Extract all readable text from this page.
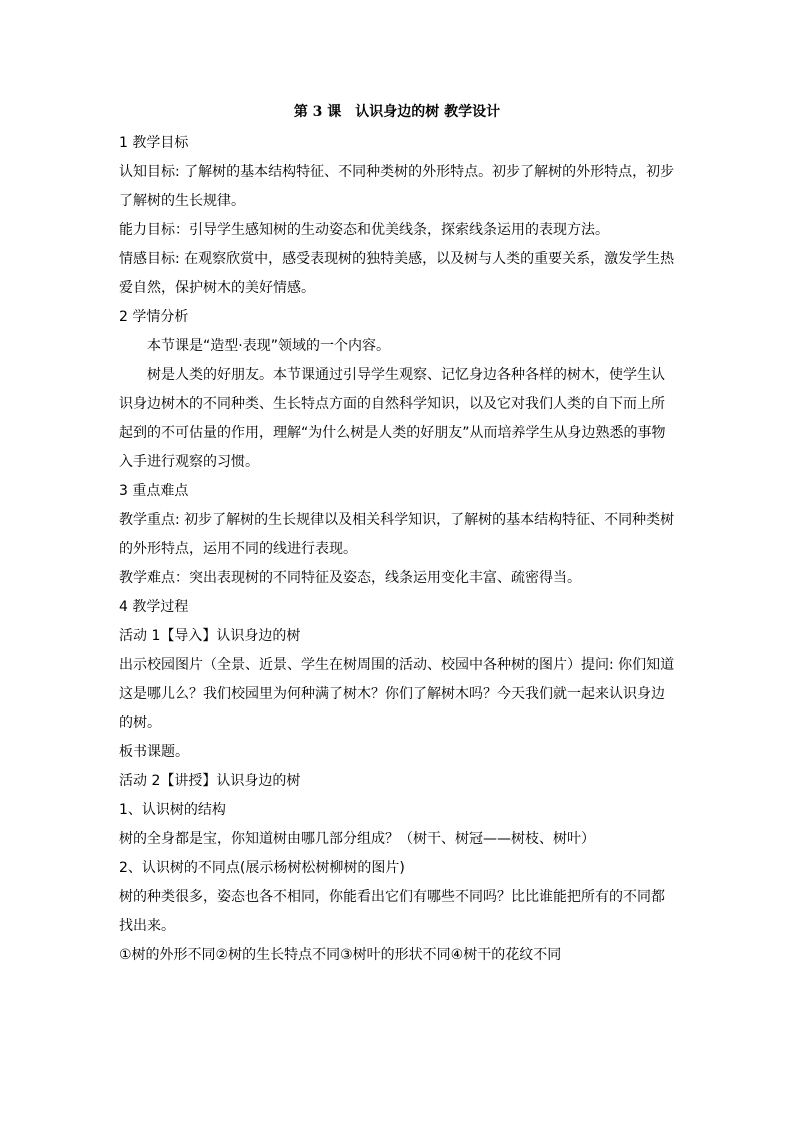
第 3 课　认识身边的树 教学设计

1 教学目标

认知目标: 了解树的基本结构特征、不同种类树的外形特点。初步了解树的外形特点，初步了解树的生长规律。

能力目标：引导学生感知树的生动姿态和优美线条，探索线条运用的表现方法。

情感目标: 在观察欣赏中，感受表现树的独特美感，以及树与人类的重要关系，激发学生热爱自然，保护树木的美好情感。

2 学情分析

本节课是“造型·表现”领域的一个内容。

树是人类的好朋友。本节课通过引导学生观察、记忆身边各种各样的树木，使学生认识身边树木的不同种类、生长特点方面的自然科学知识，以及它对我们人类的自下而上所起到的不可估量的作用，理解“为什么树是人类的好朋友”从而培养学生从身边熟悉的事物入手进行观察的习惯。

3 重点难点

教学重点: 初步了解树的生长规律以及相关科学知识，了解树的基本结构特征、不同种类树的外形特点，运用不同的线进行表现。

教学难点：突出表现树的不同特征及姿态，线条运用变化丰富、疏密得当。

4 教学过程

活动 1【导入】认识身边的树

出示校园图片（全景、近景、学生在树周围的活动、校园中各种树的图片）提问: 你们知道这是哪儿么？我们校园里为何种满了树木？你们了解树木吗？今天我们就一起来认识身边的树。

板书课题。

活动 2【讲授】认识身边的树

1、认识树的结构

树的全身都是宝，你知道树由哪几部分组成？（树干、树冠——树枝、树叶）

2、认识树的不同点(展示杨树松树柳树的图片)

树的种类很多，姿态也各不相同，你能看出它们有哪些不同吗？比比谁能把所有的不同都找出来。

①树的外形不同②树的生长特点不同③树叶的形状不同④树干的花纹不同
